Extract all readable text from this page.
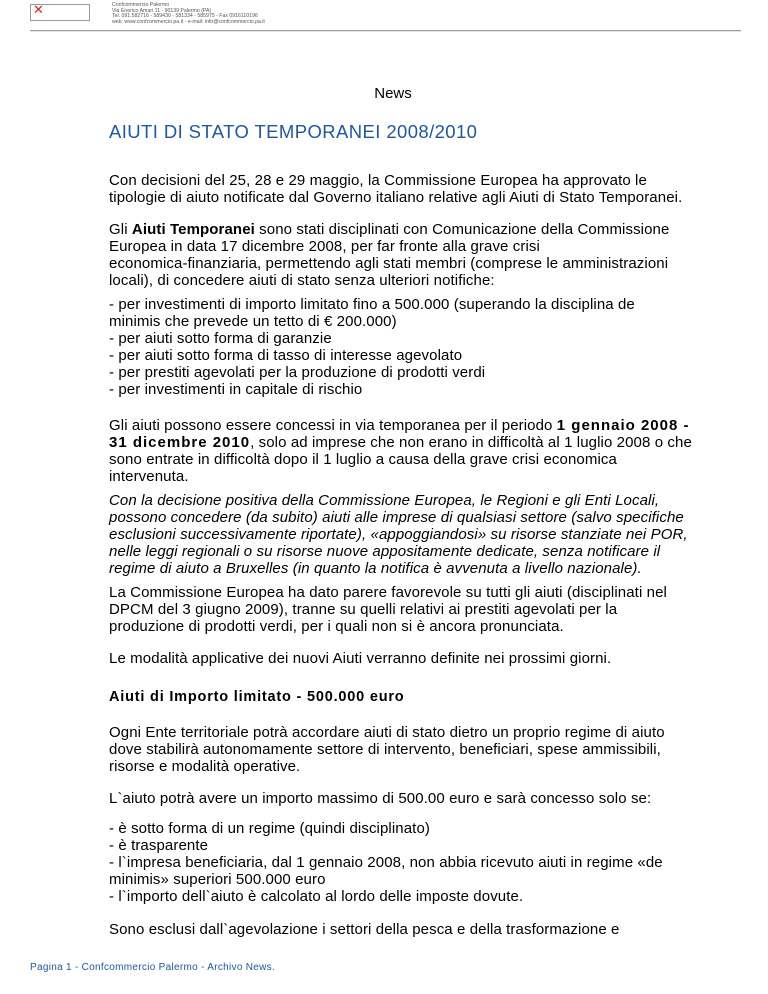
✕	Confcommercio Palermo
Via Enerico Amari 11 - 90139 Palermo (PA)
Tel. 091.582716 - 589430 - 581334 - 585975 - Fax 0916110196
web: www.confcommercio.pa.it - e-mail: info@confcommercio.pa.it
News
AIUTI DI STATO TEMPORANEI 2008/2010
Con decisioni del 25, 28 e 29 maggio, la Commissione Europea ha approvato le
tipologie di aiuto notificate dal Governo italiano relative agli Aiuti di Stato Temporanei.
Gli Aiuti Temporanei sono stati disciplinati con Comunicazione della Commissione
Europea in data 17 dicembre 2008, per far fronte alla grave crisi
economica-finanziaria, permettendo agli stati membri (comprese le amministrazioni
locali), di concedere aiuti di stato senza ulteriori notifiche:
- per investimenti di importo limitato fino a 500.000 (superando la disciplina de
minimis che prevede un tetto di € 200.000)
- per aiuti sotto forma di garanzie
- per aiuti sotto forma di tasso di interesse agevolato
- per prestiti agevolati per la produzione di prodotti verdi
- per investimenti in capitale di rischio
Gli aiuti possono essere concessi in via temporanea per il periodo 1 gennaio 2008 -
31 dicembre 2010, solo ad imprese che non erano in difficoltà al 1 luglio 2008 o che
sono entrate in difficoltà dopo il 1 luglio a causa della grave crisi economica
intervenuta.
Con la decisione positiva della Commissione Europea, le Regioni e gli Enti Locali,
possono concedere (da subito) aiuti alle imprese di qualsiasi settore (salvo specifiche
esclusioni successivamente riportate), «appoggiandosi» su risorse stanziate nei POR,
nelle leggi regionali o su risorse nuove appositamente dedicate, senza notificare il
regime di aiuto a Bruxelles (in quanto la notifica è avvenuta a livello nazionale).
La Commissione Europea ha dato parere favorevole su tutti gli aiuti (disciplinati nel
DPCM del 3 giugno 2009), tranne su quelli relativi ai prestiti agevolati per la
produzione di prodotti verdi, per i quali non si è ancora pronunciata.
Le modalità applicative dei nuovi Aiuti verranno definite nei prossimi giorni.
Aiuti di Importo limitato - 500.000 euro
Ogni Ente territoriale potrà accordare aiuti di stato dietro un proprio regime di aiuto
dove stabilirà autonomamente settore di intervento, beneficiari, spese ammissibili,
risorse e modalità operative.
L`aiuto potrà avere un importo massimo di 500.00 euro e sarà concesso solo se:
- è sotto forma di un regime (quindi disciplinato)
- è trasparente
- l`impresa beneficiaria, dal 1 gennaio 2008, non abbia ricevuto aiuti in regime «de
minimis» superiori 500.000 euro
- l`importo dell`aiuto è calcolato al lordo delle imposte dovute.
Sono esclusi dall`agevolazione i settori della pesca e della trasformazione e
Pagina 1 - Confcommercio Palermo - Archivo News.
